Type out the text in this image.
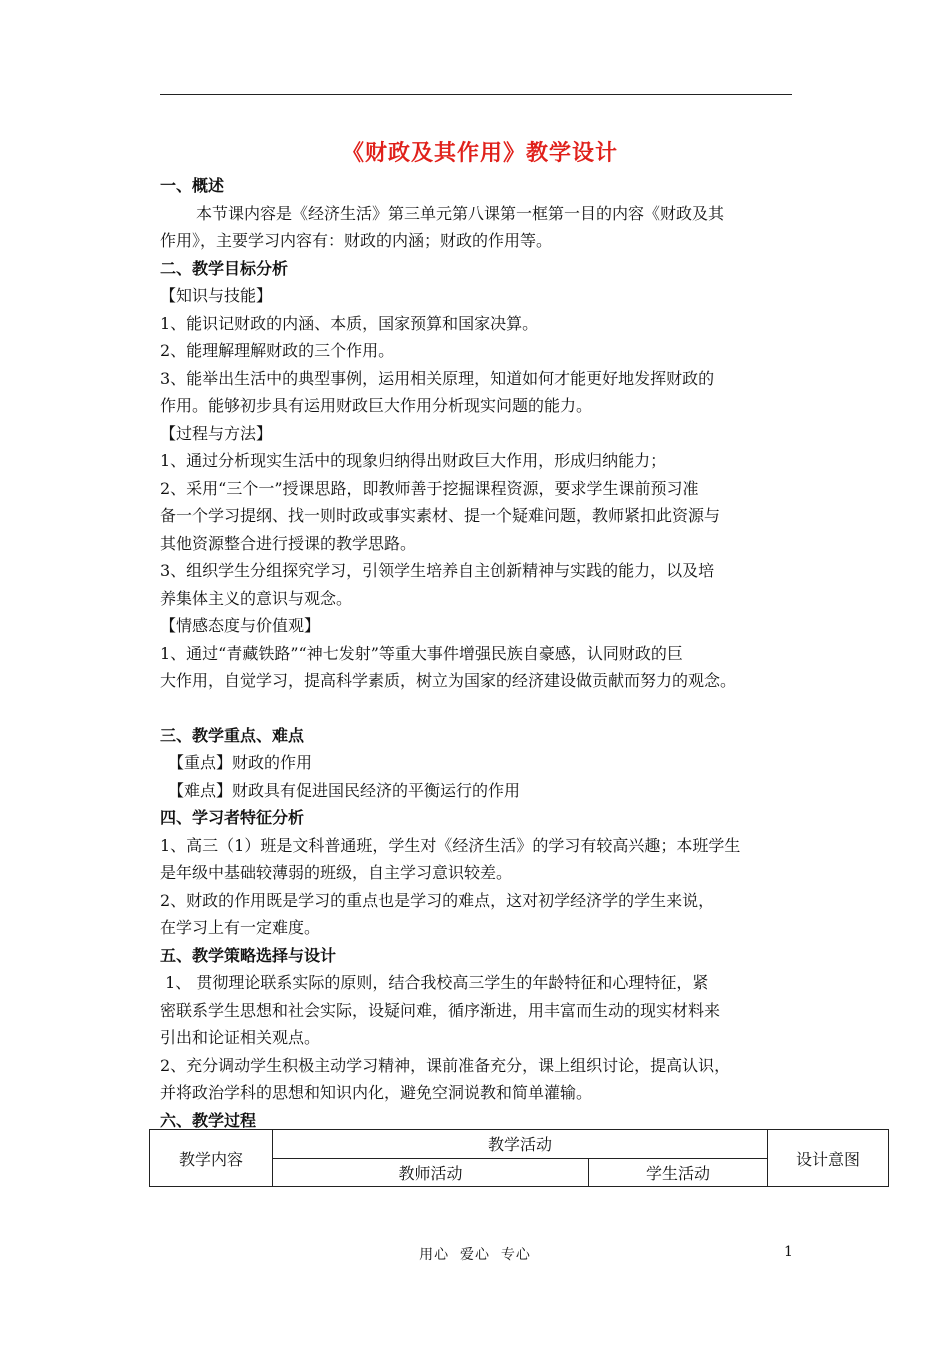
《财政及其作用》教学设计
一、概述
本节课内容是《经济生活》第三单元第八课第一框第一目的内容《财政及其
作用》，主要学习内容有：财政的内涵；财政的作用等。
二、教学目标分析
【知识与技能】
1、能识记财政的内涵、本质，国家预算和国家决算。
2、能理解理解财政的三个作用。
3、能举出生活中的典型事例，运用相关原理，知道如何才能更好地发挥财政的
作用。能够初步具有运用财政巨大作用分析现实问题的能力。
【过程与方法】
1、通过分析现实生活中的现象归纳得出财政巨大作用，形成归纳能力；
2、采用“三个一”授课思路，即教师善于挖掘课程资源，要求学生课前预习准
备一个学习提纲、找一则时政或事实素材、提一个疑难问题，教师紧扣此资源与
其他资源整合进行授课的教学思路。
3、组织学生分组探究学习，引领学生培养自主创新精神与实践的能力，以及培
养集体主义的意识与观念。
【情感态度与价值观】
1、通过“青藏铁路”“神七发射”等重大事件增强民族自豪感，认同财政的巨
大作用，自觉学习，提高科学素质，树立为国家的经济建设做贡献而努力的观念。
三、教学重点、难点
【重点】财政的作用
【难点】财政具有促进国民经济的平衡运行的作用
四、学习者特征分析
1、高三（1）班是文科普通班，学生对《经济生活》的学习有较高兴趣；本班学生
是年级中基础较薄弱的班级，自主学习意识较差。
2、财政的作用既是学习的重点也是学习的难点，这对初学经济学的学生来说，
在学习上有一定难度。
五、教学策略选择与设计
1、 贯彻理论联系实际的原则，结合我校高三学生的年龄特征和心理特征，紧
密联系学生思想和社会实际，设疑问难，循序渐进，用丰富而生动的现实材料来
引出和论证相关观点。
2、充分调动学生积极主动学习精神，课前准备充分，课上组织讨论，提高认识，
并将政治学科的思想和知识内化，避免空洞说教和简单灌输。
六、教学过程
教学内容	教学活动		设计意图
	教师活动	学生活动	
用心  爱心  专心	1
